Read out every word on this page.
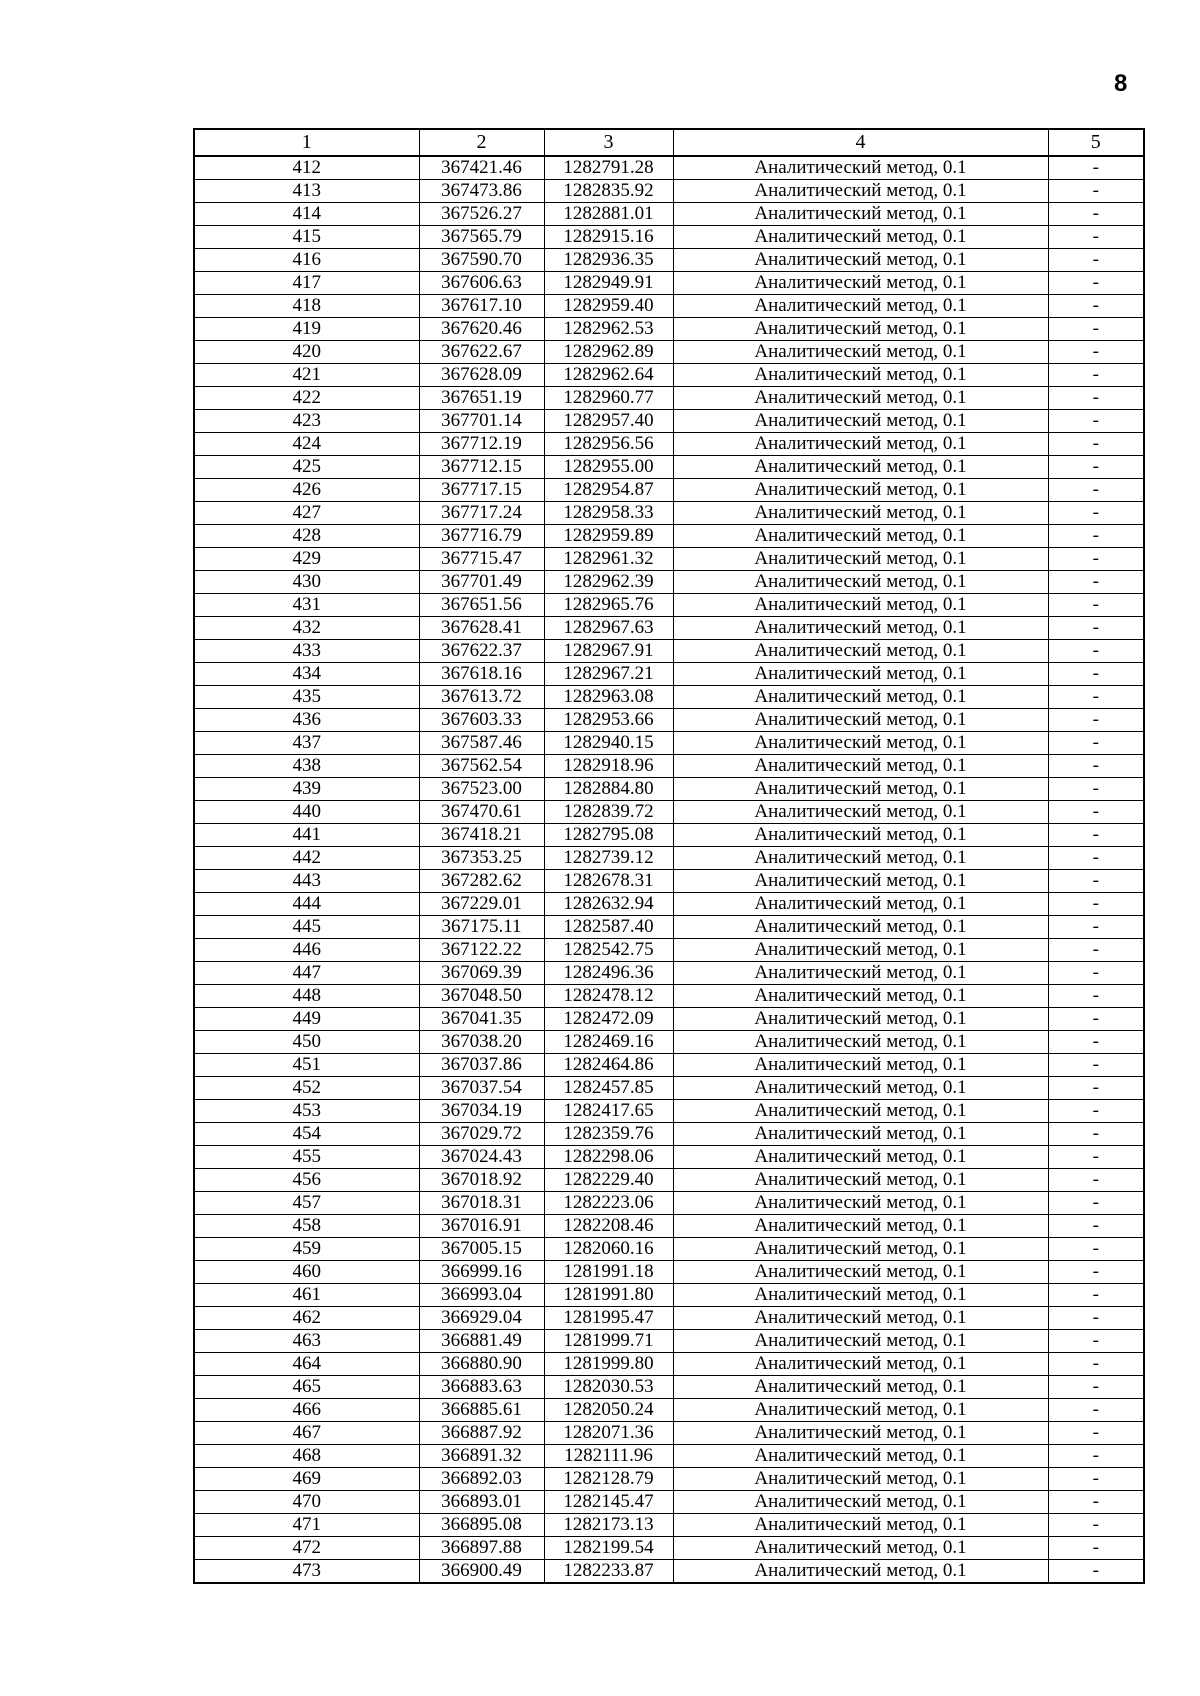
8
1	2	3	4	5
412	367421.46	1282791.28	Аналитический метод, 0.1	-
413	367473.86	1282835.92	Аналитический метод, 0.1	-
414	367526.27	1282881.01	Аналитический метод, 0.1	-
415	367565.79	1282915.16	Аналитический метод, 0.1	-
416	367590.70	1282936.35	Аналитический метод, 0.1	-
417	367606.63	1282949.91	Аналитический метод, 0.1	-
418	367617.10	1282959.40	Аналитический метод, 0.1	-
419	367620.46	1282962.53	Аналитический метод, 0.1	-
420	367622.67	1282962.89	Аналитический метод, 0.1	-
421	367628.09	1282962.64	Аналитический метод, 0.1	-
422	367651.19	1282960.77	Аналитический метод, 0.1	-
423	367701.14	1282957.40	Аналитический метод, 0.1	-
424	367712.19	1282956.56	Аналитический метод, 0.1	-
425	367712.15	1282955.00	Аналитический метод, 0.1	-
426	367717.15	1282954.87	Аналитический метод, 0.1	-
427	367717.24	1282958.33	Аналитический метод, 0.1	-
428	367716.79	1282959.89	Аналитический метод, 0.1	-
429	367715.47	1282961.32	Аналитический метод, 0.1	-
430	367701.49	1282962.39	Аналитический метод, 0.1	-
431	367651.56	1282965.76	Аналитический метод, 0.1	-
432	367628.41	1282967.63	Аналитический метод, 0.1	-
433	367622.37	1282967.91	Аналитический метод, 0.1	-
434	367618.16	1282967.21	Аналитический метод, 0.1	-
435	367613.72	1282963.08	Аналитический метод, 0.1	-
436	367603.33	1282953.66	Аналитический метод, 0.1	-
437	367587.46	1282940.15	Аналитический метод, 0.1	-
438	367562.54	1282918.96	Аналитический метод, 0.1	-
439	367523.00	1282884.80	Аналитический метод, 0.1	-
440	367470.61	1282839.72	Аналитический метод, 0.1	-
441	367418.21	1282795.08	Аналитический метод, 0.1	-
442	367353.25	1282739.12	Аналитический метод, 0.1	-
443	367282.62	1282678.31	Аналитический метод, 0.1	-
444	367229.01	1282632.94	Аналитический метод, 0.1	-
445	367175.11	1282587.40	Аналитический метод, 0.1	-
446	367122.22	1282542.75	Аналитический метод, 0.1	-
447	367069.39	1282496.36	Аналитический метод, 0.1	-
448	367048.50	1282478.12	Аналитический метод, 0.1	-
449	367041.35	1282472.09	Аналитический метод, 0.1	-
450	367038.20	1282469.16	Аналитический метод, 0.1	-
451	367037.86	1282464.86	Аналитический метод, 0.1	-
452	367037.54	1282457.85	Аналитический метод, 0.1	-
453	367034.19	1282417.65	Аналитический метод, 0.1	-
454	367029.72	1282359.76	Аналитический метод, 0.1	-
455	367024.43	1282298.06	Аналитический метод, 0.1	-
456	367018.92	1282229.40	Аналитический метод, 0.1	-
457	367018.31	1282223.06	Аналитический метод, 0.1	-
458	367016.91	1282208.46	Аналитический метод, 0.1	-
459	367005.15	1282060.16	Аналитический метод, 0.1	-
460	366999.16	1281991.18	Аналитический метод, 0.1	-
461	366993.04	1281991.80	Аналитический метод, 0.1	-
462	366929.04	1281995.47	Аналитический метод, 0.1	-
463	366881.49	1281999.71	Аналитический метод, 0.1	-
464	366880.90	1281999.80	Аналитический метод, 0.1	-
465	366883.63	1282030.53	Аналитический метод, 0.1	-
466	366885.61	1282050.24	Аналитический метод, 0.1	-
467	366887.92	1282071.36	Аналитический метод, 0.1	-
468	366891.32	1282111.96	Аналитический метод, 0.1	-
469	366892.03	1282128.79	Аналитический метод, 0.1	-
470	366893.01	1282145.47	Аналитический метод, 0.1	-
471	366895.08	1282173.13	Аналитический метод, 0.1	-
472	366897.88	1282199.54	Аналитический метод, 0.1	-
473	366900.49	1282233.87	Аналитический метод, 0.1	-
